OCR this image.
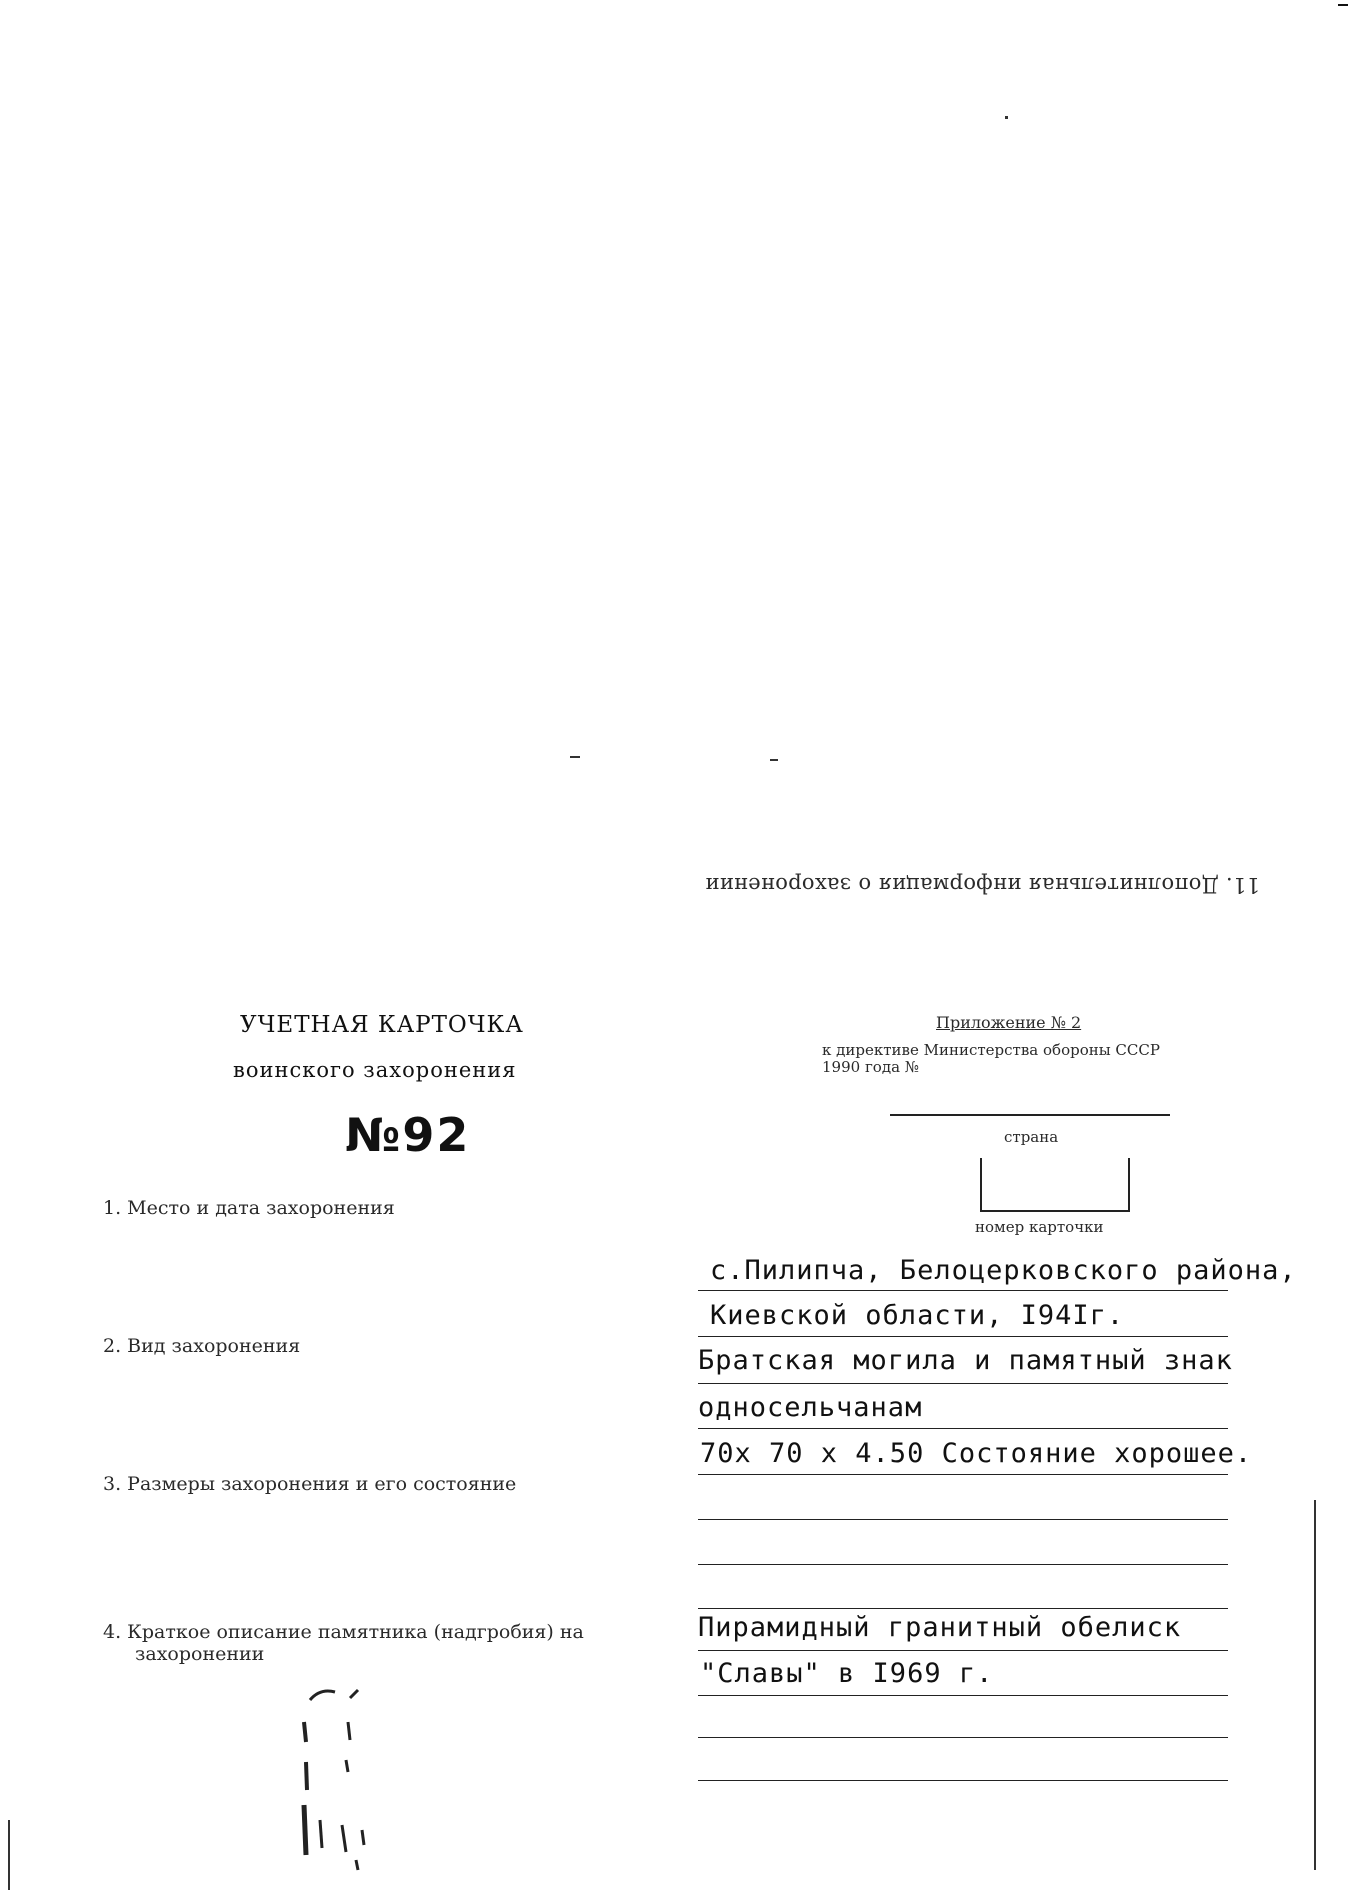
11. Дополнительная информация о захоронении
УЧЕТНАЯ КАРТОЧКА
воинского захоронения
№92
Приложение № 2
к директиве Министерства обороны СССР
1990 года №
страна
номер карточки
1. Место и дата захоронения
2. Вид захоронения
3. Размеры захоронения и его состояние
4. Краткое описание памятника (надгробия) на
захоронении
с.Пилипча, Белоцерковского района,
Киевской области, I94Iг.
Братская могила и памятный знак
односельчанам
70х 70 х 4.50 Состояние хорошее.
Пирамидный гранитный обелиск
"Славы" в I969 г.
